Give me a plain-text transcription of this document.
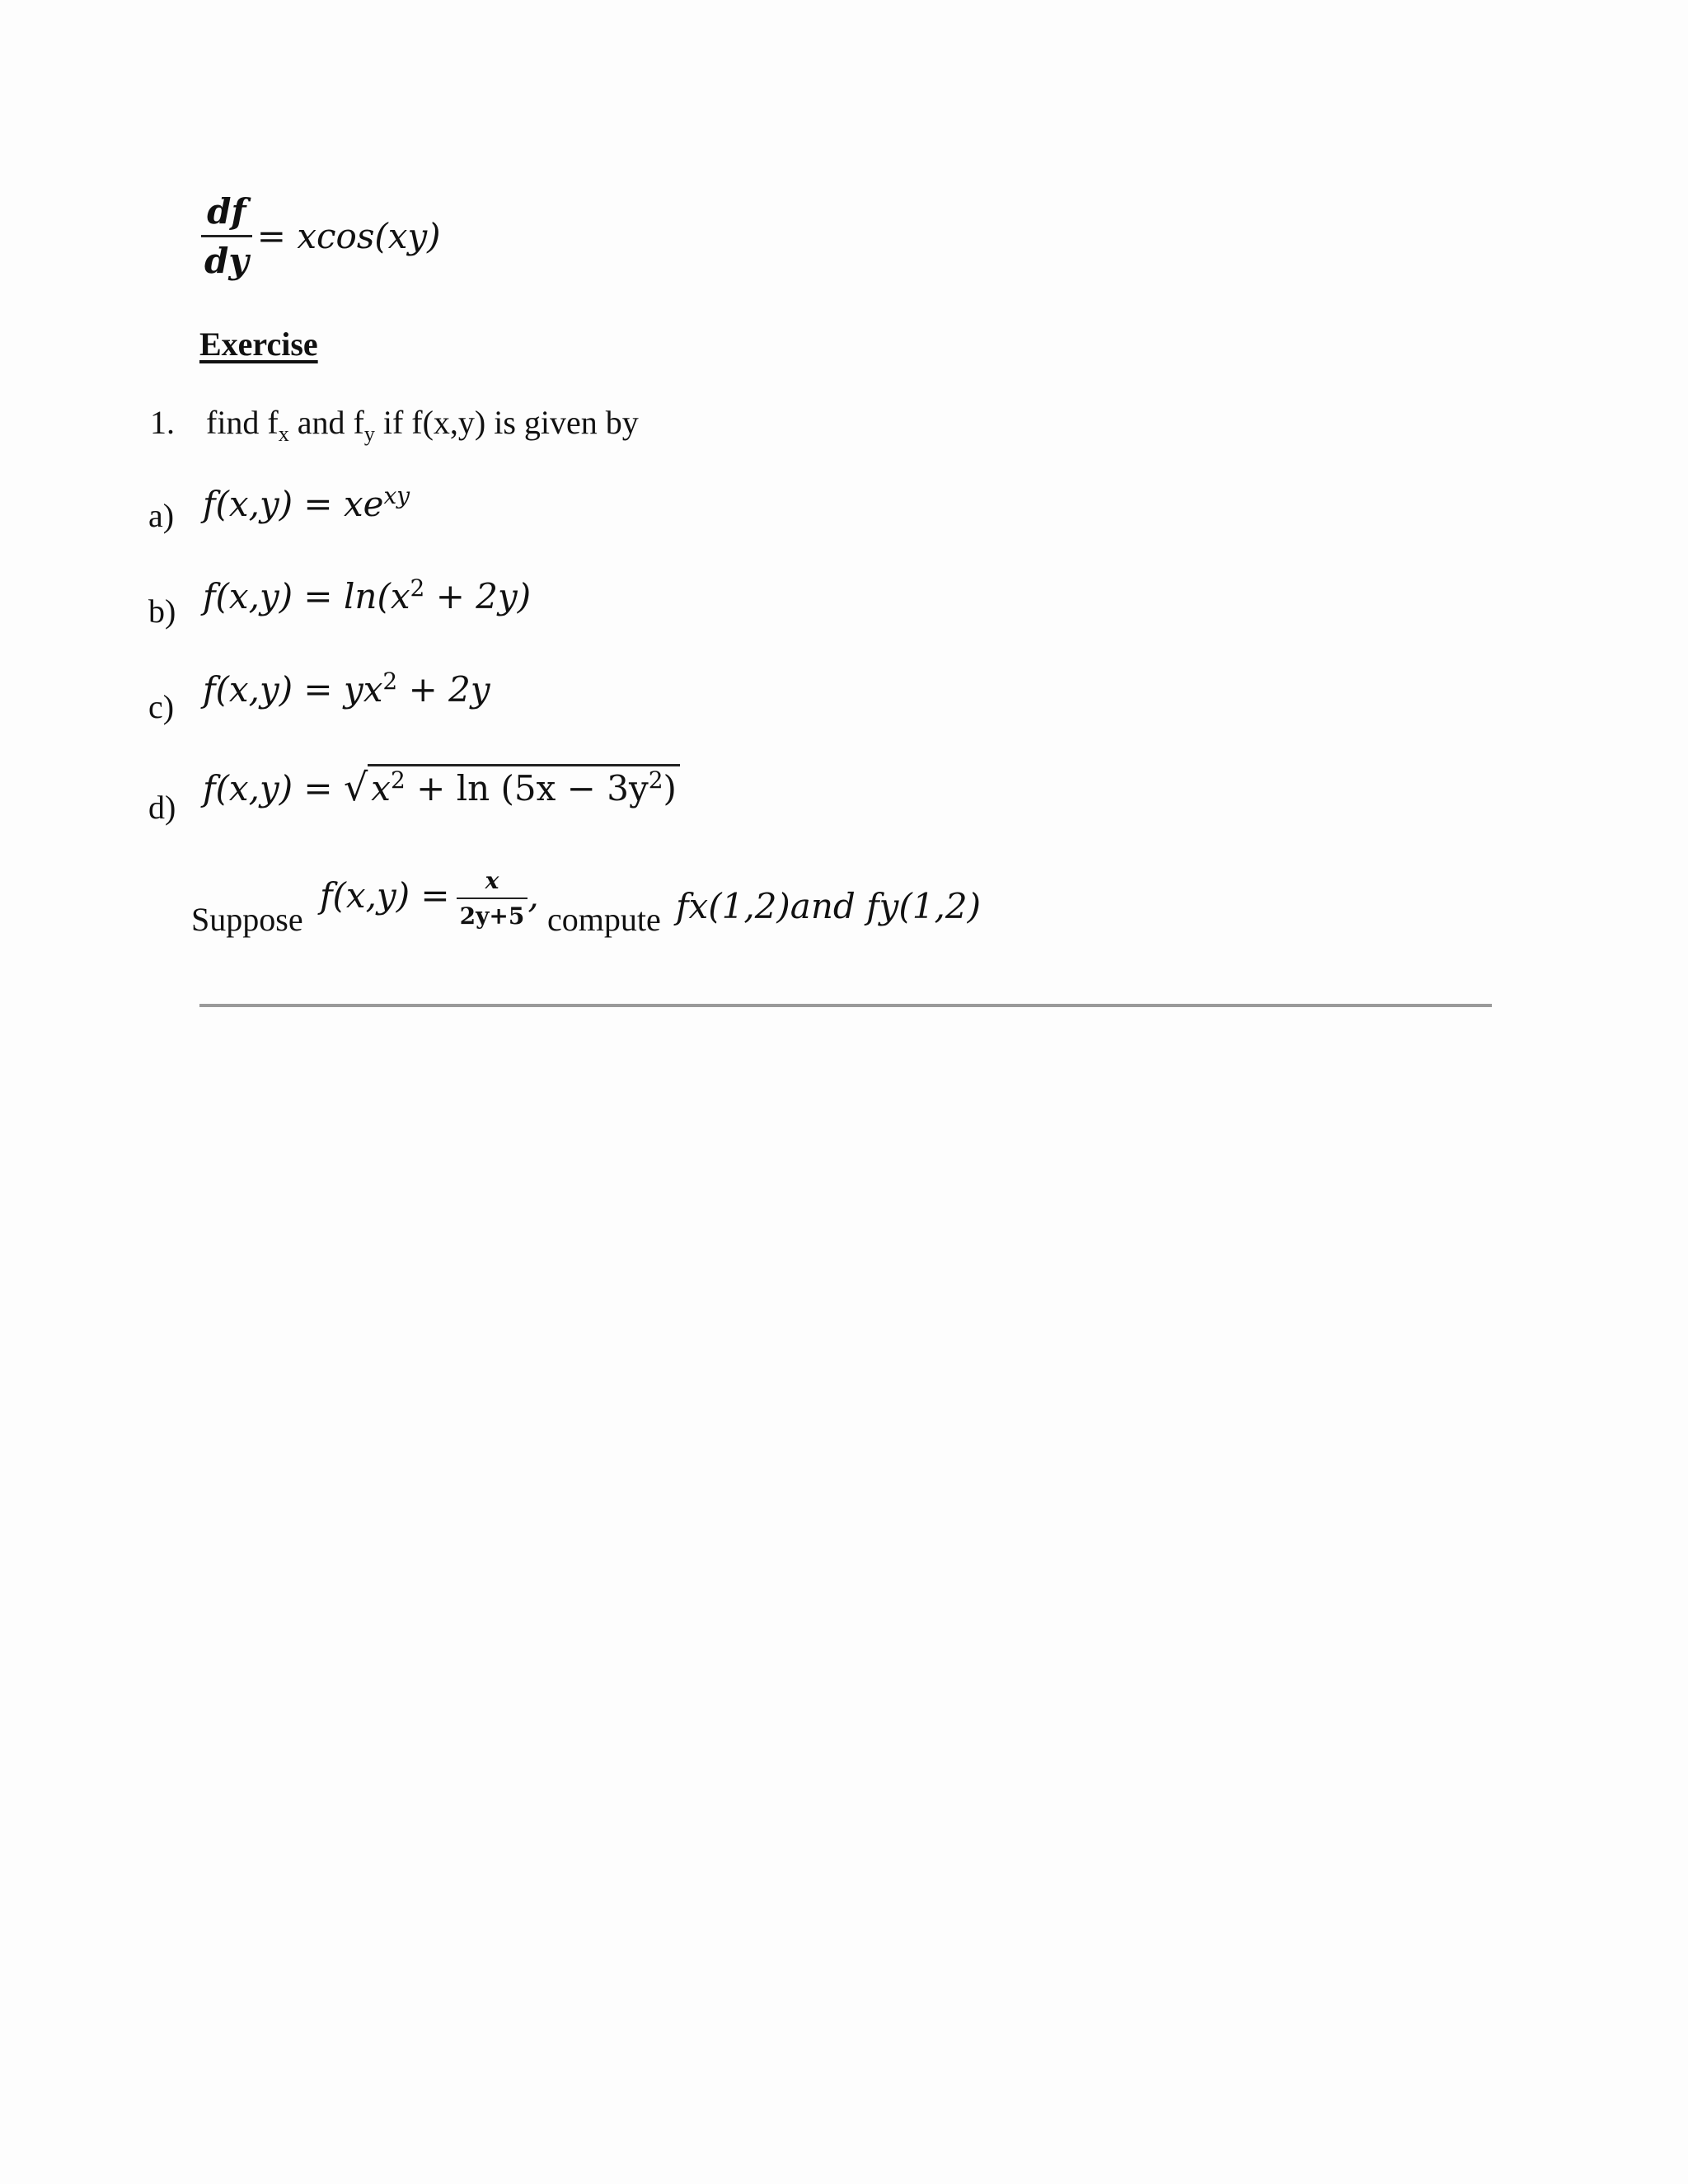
$\frac{df}{dy} = xcos(xy)$
Exercise
1. find $f_x$ and $f_y$ if f(x,y) is given by
a) $f(x,y) = xe^{xy}$
b) $f(x,y) = \ln(x^2 + 2y)$
c) $f(x,y) = yx^2 + 2y$
d) $f(x,y) = √x^2 + \ln (5x - 3y^2)$
Suppose
$f(x,y) = \frac{x}{2y+5}$ ,
compute fx(1,2)and fy(1,2)
